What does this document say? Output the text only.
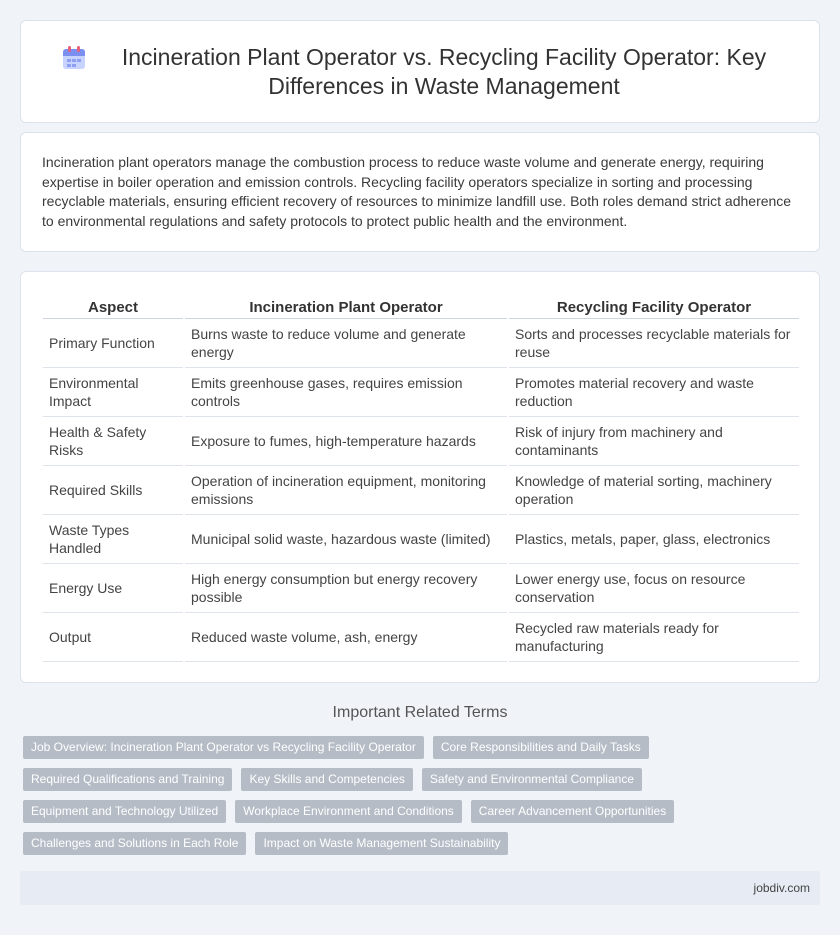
Incineration Plant Operator vs. Recycling Facility Operator: Key Differences in Waste Management

Incineration plant operators manage the combustion process to reduce waste volume and generate energy, requiring expertise in boiler operation and emission controls. Recycling facility operators specialize in sorting and processing recyclable materials, ensuring efficient recovery of resources to minimize landfill use. Both roles demand strict adherence to environmental regulations and safety protocols to protect public health and the environment.

Aspect	Incineration Plant Operator	Recycling Facility Operator
Primary Function	Burns waste to reduce volume and generate energy	Sorts and processes recyclable materials for reuse
Environmental Impact	Emits greenhouse gases, requires emission controls	Promotes material recovery and waste reduction
Health & Safety Risks	Exposure to fumes, high-temperature hazards	Risk of injury from machinery and contaminants
Required Skills	Operation of incineration equipment, monitoring emissions	Knowledge of material sorting, machinery operation
Waste Types Handled	Municipal solid waste, hazardous waste (limited)	Plastics, metals, paper, glass, electronics
Energy Use	High energy consumption but energy recovery possible	Lower energy use, focus on resource conservation
Output	Reduced waste volume, ash, energy	Recycled raw materials ready for manufacturing
Important Related Terms
Job Overview: Incineration Plant Operator vs Recycling Facility Operator	Core Responsibilities and Daily Tasks
Required Qualifications and Training	Key Skills and Competencies	Safety and Environmental Compliance
Equipment and Technology Utilized	Workplace Environment and Conditions	Career Advancement Opportunities
Challenges and Solutions in Each Role	Impact on Waste Management Sustainability
jobdiv.com
